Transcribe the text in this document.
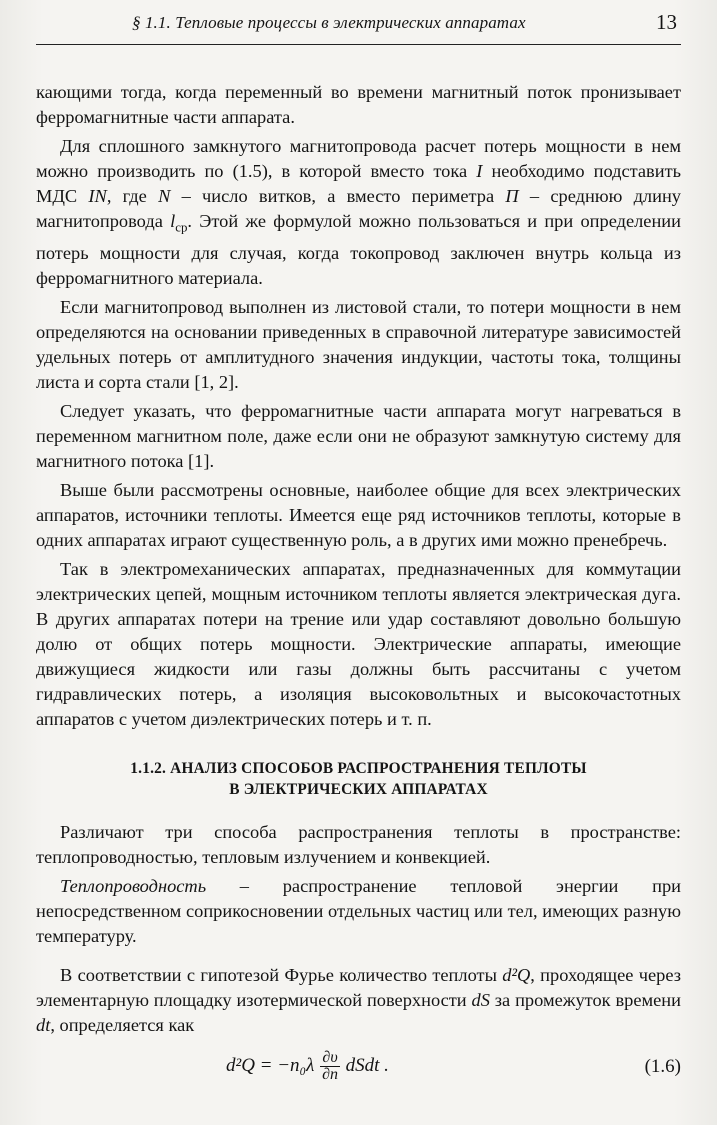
§ 1.1. Тепловые процессы в электрических аппаратах	13

кающими тогда, когда переменный во времени магнитный поток пронизывает ферромагнитные части аппарата.

Для сплошного замкнутого магнитопровода расчет потерь мощности в нем можно производить по (1.5), в которой вместо тока I необходимо подставить МДС IN, где N – число витков, а вместо периметра П – среднюю длину магнитопровода $l_{ср}$. Этой же формулой можно пользоваться и при определении потерь мощности для случая, когда токопровод заключен внутрь кольца из ферромагнитного материала.

Если магнитопровод выполнен из листовой стали, то потери мощности в нем определяются на основании приведенных в справочной литературе зависимостей удельных потерь от амплитудного значения индукции, частоты тока, толщины листа и сорта стали [1, 2].

Следует указать, что ферромагнитные части аппарата могут нагреваться в переменном магнитном поле, даже если они не образуют замкнутую систему для магнитного потока [1].

Выше были рассмотрены основные, наиболее общие для всех электрических аппаратов, источники теплоты. Имеется еще ряд источников теплоты, которые в одних аппаратах играют существенную роль, а в других ими можно пренебречь.

Так в электромеханических аппаратах, предназначенных для коммутации электрических цепей, мощным источником теплоты является электрическая дуга. В других аппаратах потери на трение или удар составляют довольно большую долю от общих потерь мощности. Электрические аппараты, имеющие движущиеся жидкости или газы должны быть рассчитаны с учетом гидравлических потерь, а изоляция высоковольтных и высокочастотных аппаратов с учетом диэлектрических потерь и т. п.

1.1.2. АНАЛИЗ СПОСОБОВ РАСПРОСТРАНЕНИЯ ТЕПЛОТЫ
В ЭЛЕКТРИЧЕСКИХ АППАРАТАХ

Различают три способа распространения теплоты в пространстве: теплопроводностью, тепловым излучением и конвекцией.

Теплопроводность – распространение тепловой энергии при непосредственном соприкосновении отдельных частиц или тел, имеющих разную температуру.

В соответствии с гипотезой Фурье количество теплоты d²Q, проходящее через элементарную площадку изотермической поверхности dS за промежуток времени dt, определяется как

$d^2Q = -n_0\lambda \frac{\partial\upsilon}{\partial n}$ dSdt .	(1.6)
